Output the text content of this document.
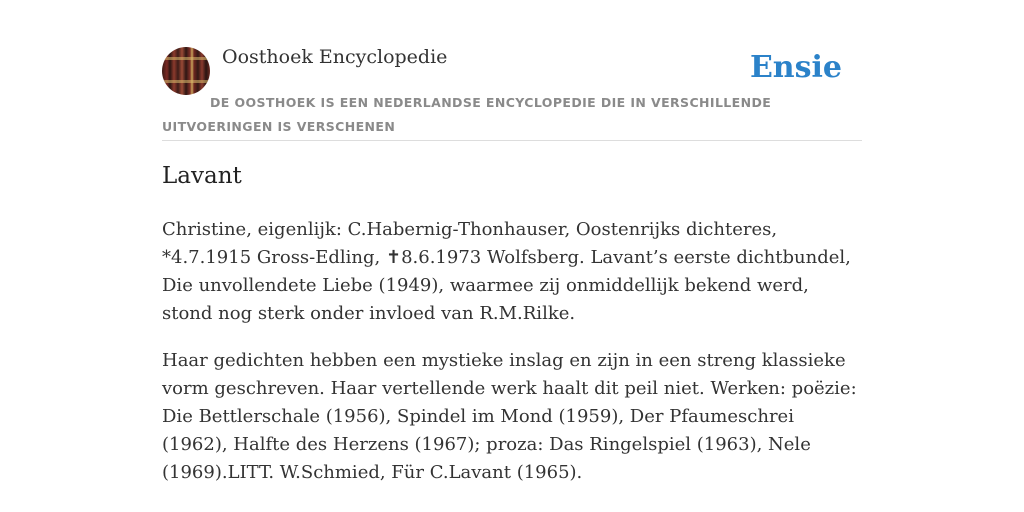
Oosthoek Encyclopedie	Ensie
DE OOSTHOEK IS EEN NEDERLANDSE ENCYCLOPEDIE DIE IN VERSCHILLENDE UITVOERINGEN IS VERSCHENEN
Lavant

Christine, eigenlijk: C.Habernig-Thonhauser, Oostenrijks dichteres, *4.7.1915 Gross-Edling, ✝8.6.1973 Wolfsberg. Lavant’s eerste dichtbundel, Die unvollendete Liebe (1949), waarmee zij onmiddellijk bekend werd, stond nog sterk onder invloed van R.M.Rilke.

Haar gedichten hebben een mystieke inslag en zijn in een streng klassieke vorm geschreven. Haar vertellende werk haalt dit peil niet. Werken: poëzie: Die Bettlerschale (1956), Spindel im Mond (1959), Der Pfaumeschrei (1962), Halfte des Herzens (1967); proza: Das Ringelspiel (1963), Nele (1969).LITT. W.Schmied, Für C.Lavant (1965).
